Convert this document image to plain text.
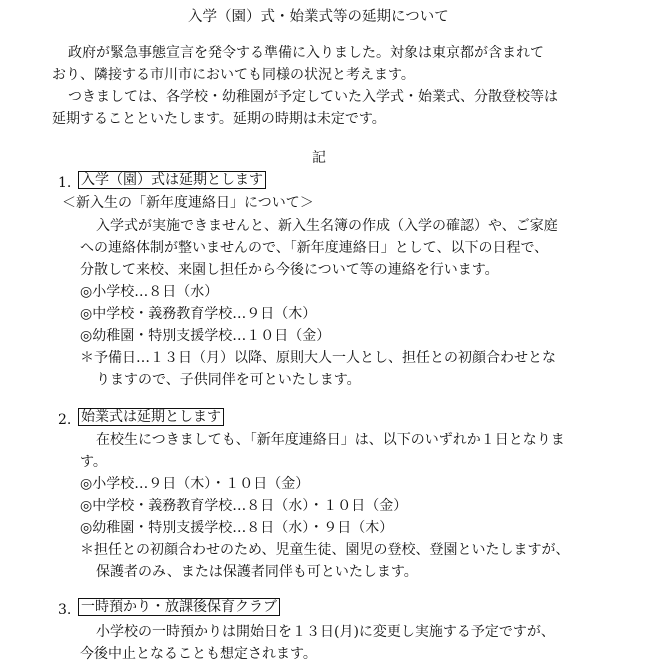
入学（園）式・始業式等の延期について
政府が緊急事態宣言を発令する準備に入りました。対象は東京都が含まれて
おり、隣接する市川市においても同様の状況と考えます。
つきましては、各学校・幼稚園が予定していた入学式・始業式、分散登校等は
延期することといたします。延期の時期は未定です。
記
1. 入学（園）式は延期とします
＜新入生の「新年度連絡日」について＞
入学式が実施できませんと、新入生名簿の作成（入学の確認）や、ご家庭
への連絡体制が整いませんので、「新年度連絡日」として、以下の日程で、
分散して来校、来園し担任から今後について等の連絡を行います。
◎小学校…８日（水）
◎中学校・義務教育学校…９日（木）
◎幼稚園・特別支援学校…１０日（金）
＊予備日…１３日（月）以降、原則大人一人とし、担任との初顔合わせとな
りますので、子供同伴を可といたします。
2. 始業式は延期とします
在校生につきましても、「新年度連絡日」は、以下のいずれか１日となりま
す。
◎小学校…９日（木）・１０日（金）
◎中学校・義務教育学校…８日（水）・１０日（金）
◎幼稚園・特別支援学校…８日（水）・９日（木）
＊担任との初顔合わせのため、児童生徒、園児の登校、登園といたしますが、
保護者のみ、または保護者同伴も可といたします。
3. 一時預かり・放課後保育クラブ
小学校の一時預かりは開始日を１３日(月)に変更し実施する予定ですが、
今後中止となることも想定されます。
